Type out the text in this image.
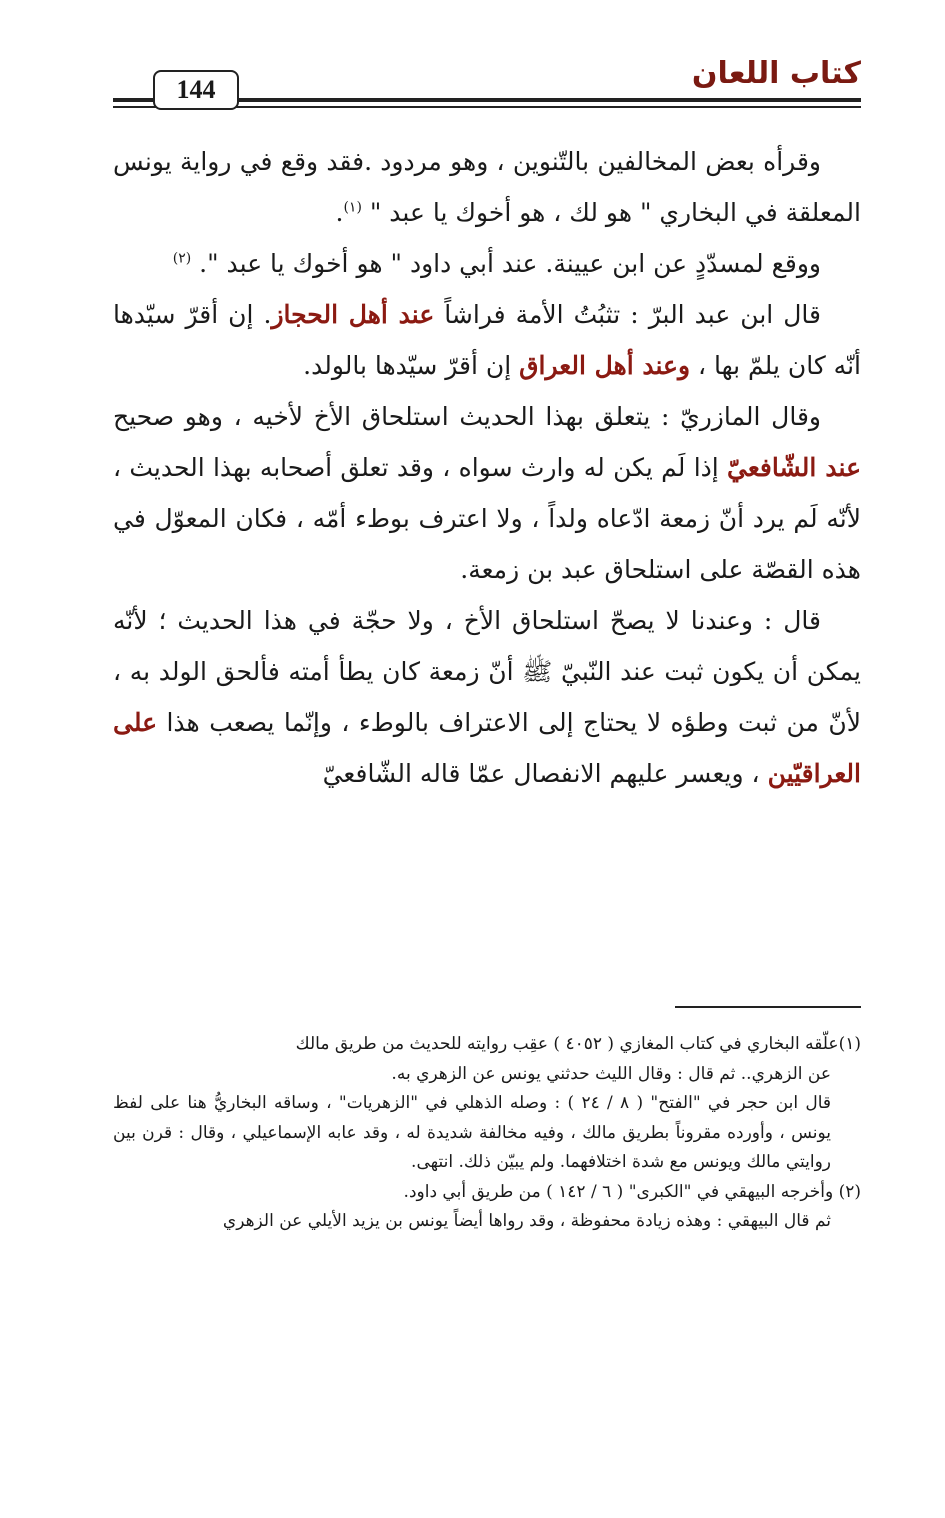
كتاب اللعان
144

وقرأه بعض المخالفين بالتّنوين ، وهو مردود .فقد وقع في رواية يونس المعلقة في البخاري " هو لك ، هو أخوك يا عبد " $^{(١)}$.

ووقع لمسدّدٍ عن ابن عيينة. عند أبي داود " هو أخوك يا عبد ". $^{(٢)}$

قال ابن عبد البرّ : تثبُتُ الأمة فراشاً عند أهل الحجاز. إن أقرّ سيّدها أنّه كان يلمّ بها ، وعند أهل العراق إن أقرّ سيّدها بالولد.

وقال المازريّ : يتعلق بهذا الحديث استلحاق الأخ لأخيه ، وهو صحيح عند الشّافعيّ إذا لَم يكن له وارث سواه ، وقد تعلق أصحابه بهذا الحديث ، لأنّه لَم يرد أنّ زمعة ادّعاه ولداً ، ولا اعترف بوطء أمّه ، فكان المعوّل في هذه القصّة على استلحاق عبد بن زمعة.

قال : وعندنا لا يصحّ استلحاق الأخ ، ولا حجّة في هذا الحديث ؛ لأنّه يمكن أن يكون ثبت عند النّبيّ ﷺ أنّ زمعة كان يطأ أمته فألحق الولد به ، لأنّ من ثبت وطؤه لا يحتاج إلى الاعتراف بالوطء ، وإنّما يصعب هذا على العراقيّين ، ويعسر عليهم الانفصال عمّا قاله الشّافعيّ

(١)علّقه البخاري في كتاب المغازي ( ٤٠٥٢ ) عقِب روايته للحديث من طريق مالك

عن الزهري.. ثم قال : وقال الليث حدثني يونس عن الزهري به.

قال ابن حجر في "الفتح" ( ٨ / ٢٤ ) : وصله الذهلي في "الزهريات" ، وساقه البخاريُّ هنا على لفظ يونس ، وأورده مقروناً بطريق مالك ، وفيه مخالفة شديدة له ، وقد عابه الإسماعيلي ، وقال : قرن بين روايتي مالك ويونس مع شدة اختلافهما. ولم يبيّن ذلك. انتهى.

(٢) وأخرجه البيهقي في "الكبرى" ( ٦ / ١٤٢ ) من طريق أبي داود.

ثم قال البيهقي : وهذه زيادة محفوظة ، وقد رواها أيضاً يونس بن يزيد الأيلي عن الزهري
